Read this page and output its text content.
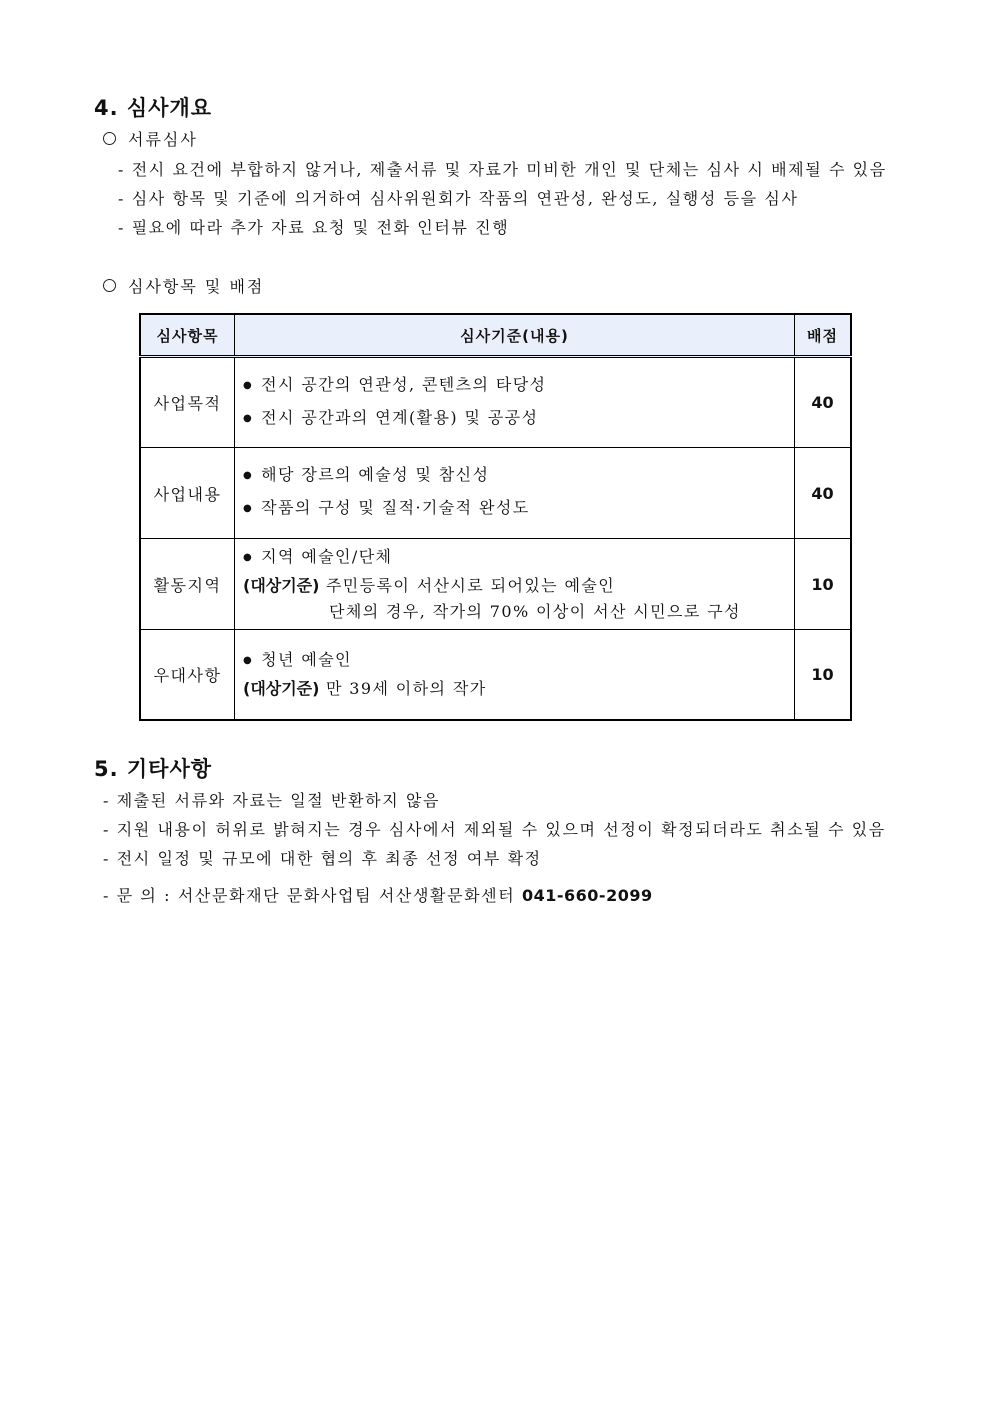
4. 심사개요
서류심사
- 전시 요건에 부합하지 않거나, 제출서류 및 자료가 미비한 개인 및 단체는 심사 시 배제될 수 있음
- 심사 항목 및 기준에 의거하여 심사위원회가 작품의 연관성, 완성도, 실행성 등을 심사
- 필요에 따라 추가 자료 요청 및 전화 인터뷰 진행
심사항목 및 배점
심사항목	심사기준(내용)	배점
사업목적	● 전시 공간의 연관성, 콘텐츠의 타당성
● 전시 공간과의 연계(활용) 및 공공성	40
사업내용	● 해당 장르의 예술성 및 참신성
● 작품의 구성 및 질적·기술적 완성도	40
활동지역	● 지역 예술인/단체
(대상기준) 주민등록이 서산시로 되어있는 예술인
단체의 경우, 작가의 70% 이상이 서산 시민으로 구성	10
우대사항	● 청년 예술인
(대상기준) 만 39세 이하의 작가	10
5. 기타사항
- 제출된 서류와 자료는 일절 반환하지 않음
- 지원 내용이 허위로 밝혀지는 경우 심사에서 제외될 수 있으며 선정이 확정되더라도 취소될 수 있음
- 전시 일정 및 규모에 대한 협의 후 최종 선정 여부 확정
- 문 의 : 서산문화재단 문화사업팀 서산생활문화센터 041-660-2099
